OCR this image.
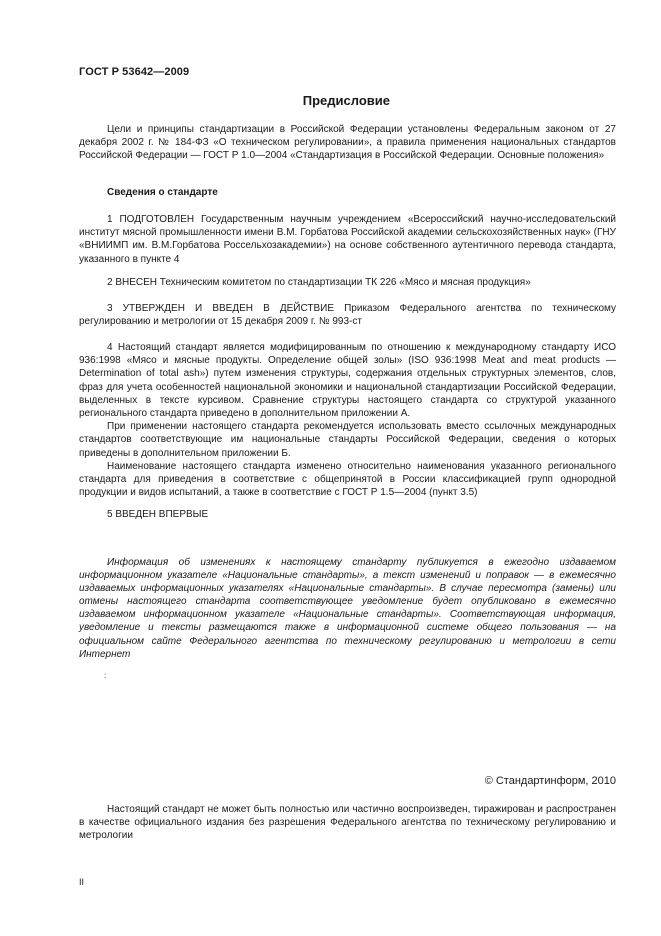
ГОСТ Р 53642—2009
Предисловие

Цели и принципы стандартизации в Российской Федерации установлены Федеральным законом от 27 декабря 2002 г. № 184-ФЗ «О техническом регулировании», а правила применения национальных стандартов Российской Федерации — ГОСТ Р 1.0—2004 «Стандартизация в Российской Федерации. Основные положения»

Сведения о стандарте

1 ПОДГОТОВЛЕН Государственным научным учреждением «Всероссийский научно-исследовательский институт мясной промышленности имени В.М. Горбатова Российской академии сельскохозяйственных наук» (ГНУ «ВНИИМП им. В.М.Горбатова Россельхозакадемии») на основе собственного аутентичного перевода стандарта, указанного в пункте 4

2 ВНЕСЕН Техническим комитетом по стандартизации ТК 226 «Мясо и мясная продукция»

3 УТВЕРЖДЕН И ВВЕДЕН В ДЕЙСТВИЕ Приказом Федерального агентства по техническому регулированию и метрологии от 15 декабря 2009 г. № 993-ст

4 Настоящий стандарт является модифицированным по отношению к международному стандарту ИСО 936:1998 «Мясо и мясные продукты. Определение общей золы» (ISO 936:1998 Meat and meat products — Determination of total ash») путем изменения структуры, содержания отдельных структурных элементов, слов, фраз для учета особенностей национальной экономики и национальной стандартизации Российской Федерации, выделенных в тексте курсивом. Сравнение структуры настоящего стандарта со структурой указанного регионального стандарта приведено в дополнительном приложении А.

При применении настоящего стандарта рекомендуется использовать вместо ссылочных международных стандартов соответствующие им национальные стандарты Российской Федерации, сведения о которых приведены в дополнительном приложении Б.

Наименование настоящего стандарта изменено относительно наименования указанного регионального стандарта для приведения в соответствие с общепринятой в России классификацией групп однородной продукции и видов испытаний, а также в соответствие с ГОСТ Р 1.5—2004 (пункт 3.5)

5 ВВЕДЕН ВПЕРВЫЕ

Информация об изменениях к настоящему стандарту публикуется в ежегодно издаваемом информационном указателе «Национальные стандарты», а текст изменений и поправок — в ежемесячно издаваемых информационных указателях «Национальные стандарты». В случае пересмотра (замены) или отмены настоящего стандарта соответствующее уведомление будет опубликовано в ежемесячно издаваемом информационном указателе «Национальные стандарты». Соответствующая информация, уведомление и тексты размещаются также в информационной системе общего пользования — на официальном сайте Федерального агентства по техническому регулированию и метрологии в сети Интернет

:
© Стандартинформ, 2010

Настоящий стандарт не может быть полностью или частично воспроизведен, тиражирован и распространен в качестве официального издания без разрешения Федерального агентства по техническому регулированию и метрологии

II
